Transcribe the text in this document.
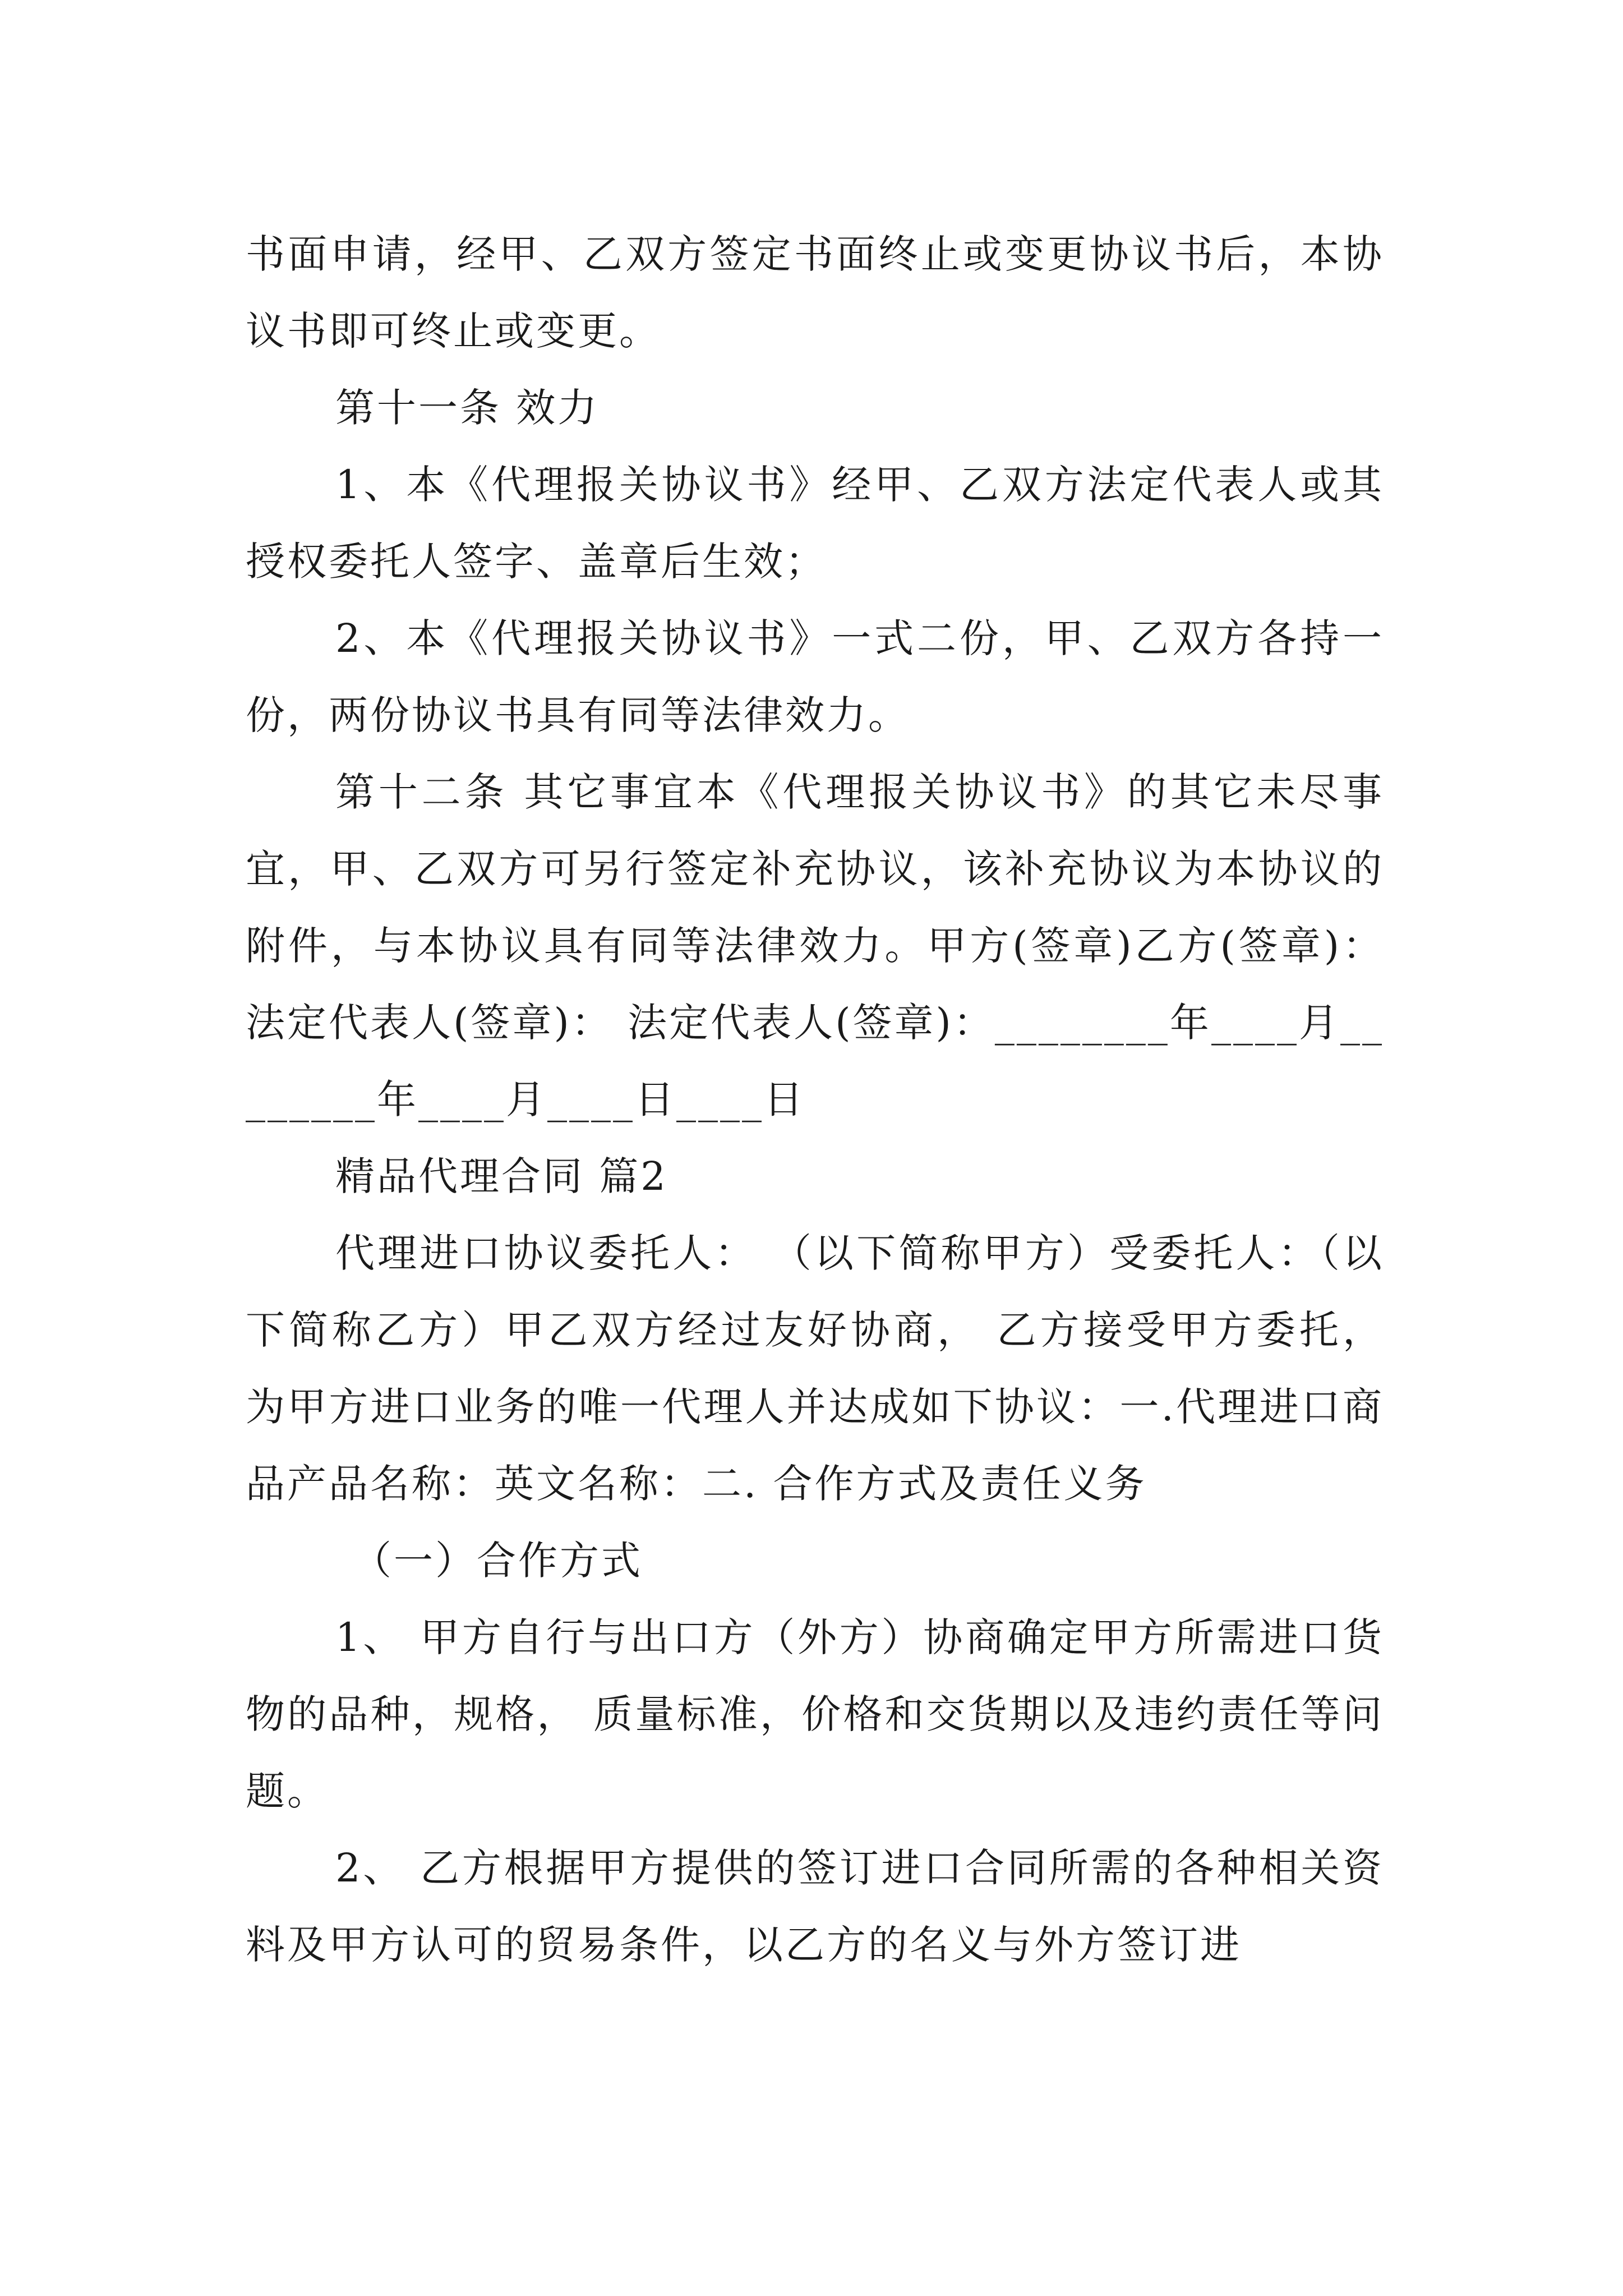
书面申请，经甲、乙双方签定书面终止或变更协议书后，本协议书即可终止或变更。

第十一条 效力

1、本《代理报关协议书》经甲、乙双方法定代表人或其授权委托人签字、盖章后生效；

2、本《代理报关协议书》一式二份，甲、乙双方各持一份，两份协议书具有同等法律效力。

第十二条 其它事宜本《代理报关协议书》的其它未尽事宜，甲、乙双方可另行签定补充协议，该补充协议为本协议的附件，与本协议具有同等法律效力。甲方(签章)乙方(签章)：法定代表人(签章)： 法定代表人(签章)：________年____月________年____月____日____日

精品代理合同 篇2

代理进口协议委托人： （以下简称甲方）受委托人：（以下简称乙方）甲乙双方经过友好协商， 乙方接受甲方委托， 为甲方进口业务的唯一代理人并达成如下协议：一.代理进口商品产品名称：英文名称：二. 合作方式及责任义务

（一）合作方式

1、 甲方自行与出口方（外方）协商确定甲方所需进口货物的品种，规格， 质量标准，价格和交货期以及违约责任等问题。

2、 乙方根据甲方提供的签订进口合同所需的各种相关资料及甲方认可的贸易条件，以乙方的名义与外方签订进
